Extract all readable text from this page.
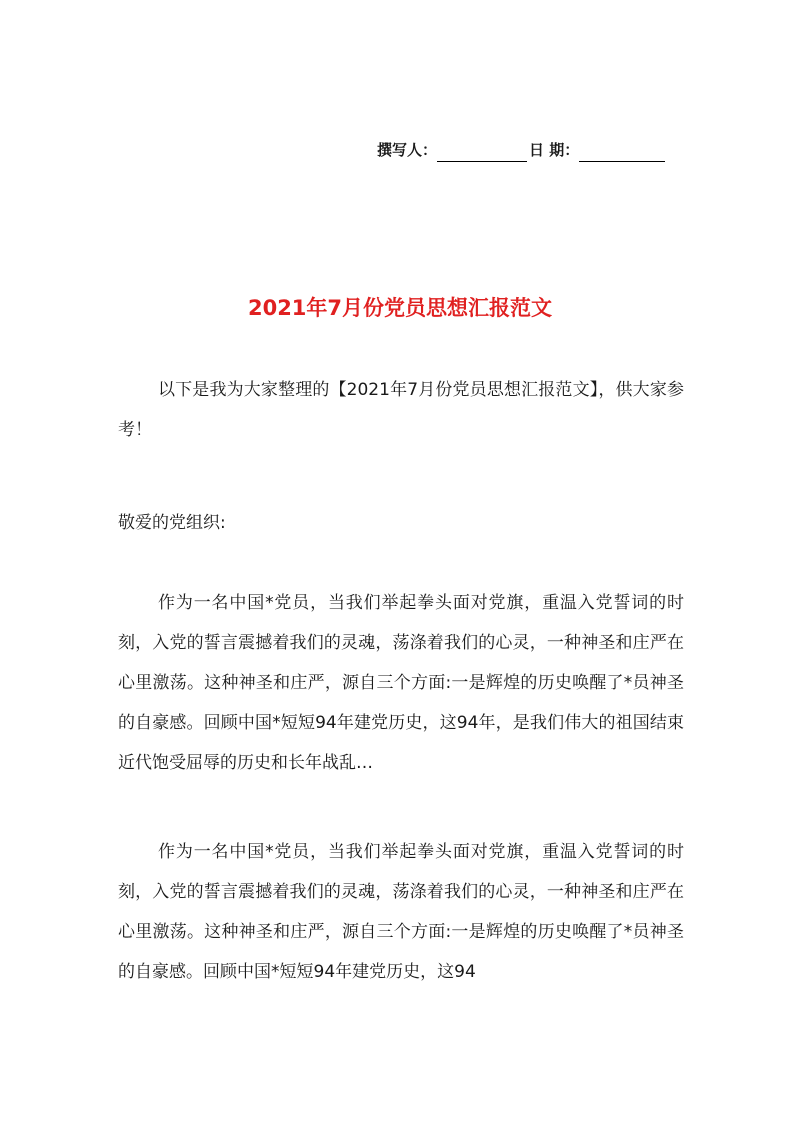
撰写人：	日 期：
2021年7月份党员思想汇报范文

以下是我为大家整理的【2021年7月份党员思想汇报范文】，供大家参考！

敬爱的党组织:

作为一名中国*党员，当我们举起拳头面对党旗，重温入党誓词的时刻，入党的誓言震撼着我们的灵魂，荡涤着我们的心灵，一种神圣和庄严在心里激荡。这种神圣和庄严，源自三个方面:一是辉煌的历史唤醒了*员神圣的自豪感。回顾中国*短短94年建党历史，这94年，是我们伟大的祖国结束近代饱受屈辱的历史和长年战乱…

作为一名中国*党员，当我们举起拳头面对党旗，重温入党誓词的时刻，入党的誓言震撼着我们的灵魂，荡涤着我们的心灵，一种神圣和庄严在心里激荡。这种神圣和庄严，源自三个方面:一是辉煌的历史唤醒了*员神圣的自豪感。回顾中国*短短94年建党历史，这94
